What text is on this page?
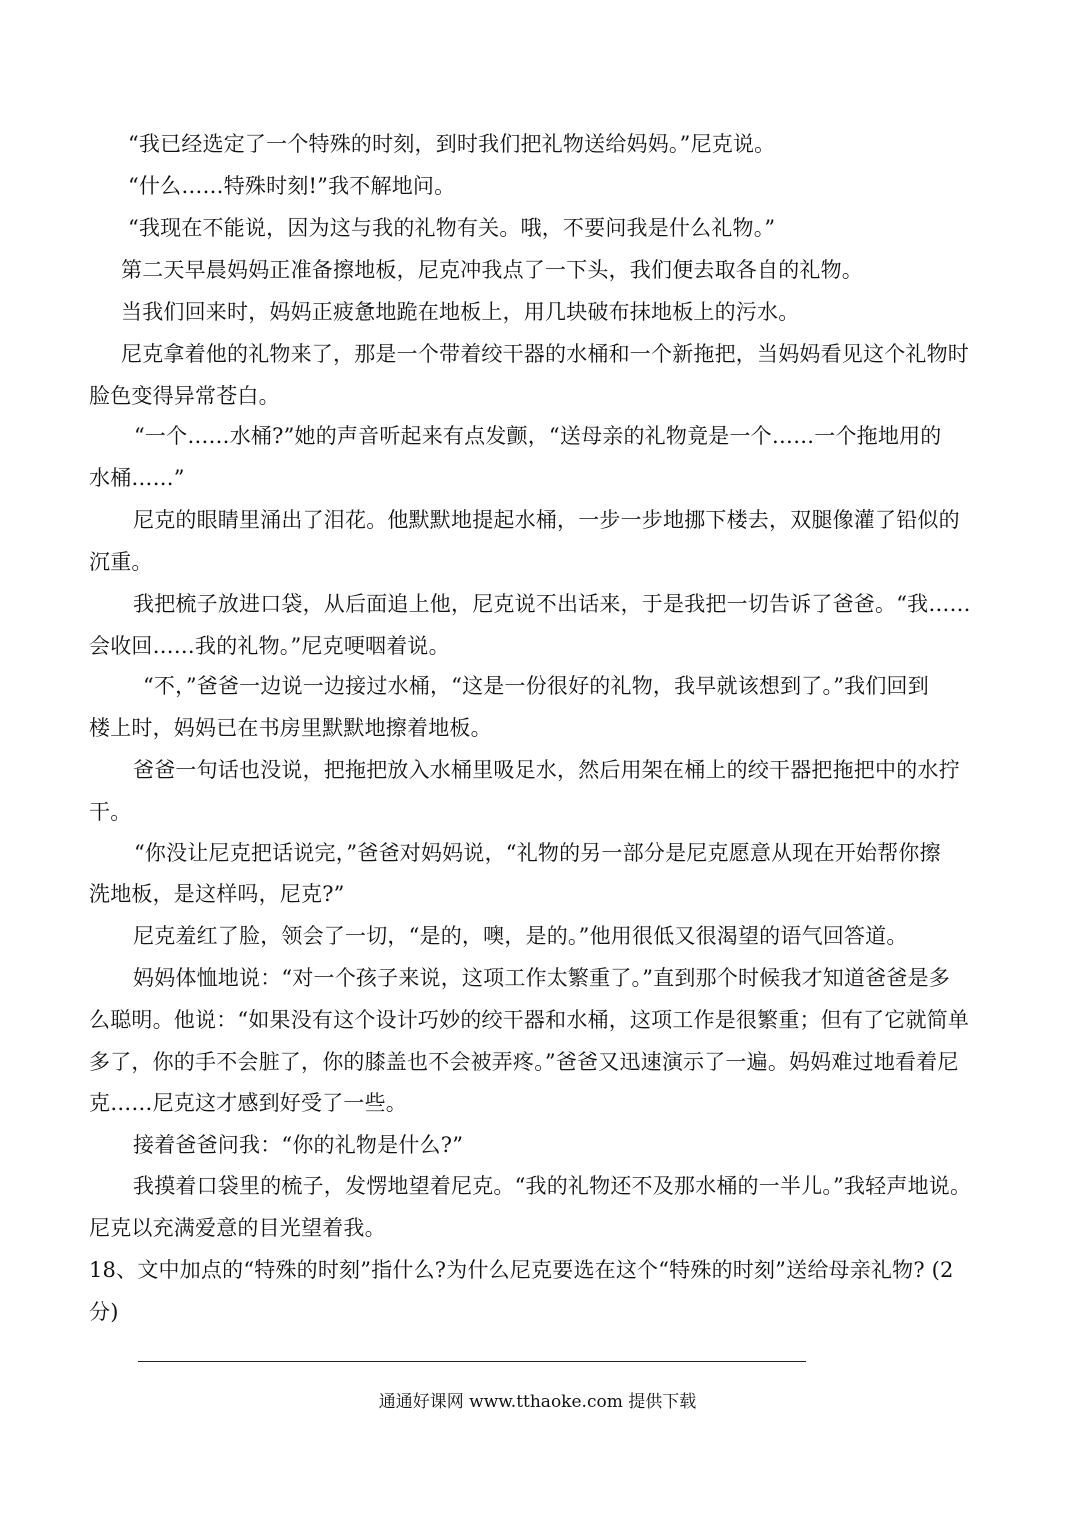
“我已经选定了一个特殊的时刻，到时我们把礼物送给妈妈。”尼克说。
“什么……特殊时刻!”我不解地问。
“我现在不能说，因为这与我的礼物有关。哦，不要问我是什么礼物。”
第二天早晨妈妈正准备擦地板，尼克冲我点了一下头，我们便去取各自的礼物。
当我们回来时，妈妈正疲惫地跪在地板上，用几块破布抹地板上的污水。
尼克拿着他的礼物来了，那是一个带着绞干器的水桶和一个新拖把，当妈妈看见这个礼物时
脸色变得异常苍白。
“一个……水桶?”她的声音听起来有点发颤，“送母亲的礼物竟是一个……一个拖地用的
水桶……”
尼克的眼睛里涌出了泪花。他默默地提起水桶，一步一步地挪下楼去，双腿像灌了铅似的
沉重。
我把梳子放进口袋，从后面追上他，尼克说不出话来，于是我把一切告诉了爸爸。“我……
会收回……我的礼物。”尼克哽咽着说。
“不，”爸爸一边说一边接过水桶，“这是一份很好的礼物，我早就该想到了。”我们回到
楼上时，妈妈已在书房里默默地擦着地板。
爸爸一句话也没说，把拖把放入水桶里吸足水，然后用架在桶上的绞干器把拖把中的水拧
干。
“你没让尼克把话说完，”爸爸对妈妈说，“礼物的另一部分是尼克愿意从现在开始帮你擦
洗地板，是这样吗，尼克?”
尼克羞红了脸，领会了一切，“是的，噢，是的。”他用很低又很渴望的语气回答道。
妈妈体恤地说：“对一个孩子来说，这项工作太繁重了。”直到那个时候我才知道爸爸是多
么聪明。他说：“如果没有这个设计巧妙的绞干器和水桶，这项工作是很繁重；但有了它就简单
多了，你的手不会脏了，你的膝盖也不会被弄疼。”爸爸又迅速演示了一遍。妈妈难过地看着尼
克……尼克这才感到好受了一些。
接着爸爸问我：“你的礼物是什么?”
我摸着口袋里的梳子，发愣地望着尼克。“我的礼物还不及那水桶的一半儿。”我轻声地说。
尼克以充满爱意的目光望着我。
18、文中加点的“特殊的时刻”指什么?为什么尼克要选在这个“特殊的时刻”送给母亲礼物? (2
分)
通通好课网 www.tthaoke.com 提供下载
